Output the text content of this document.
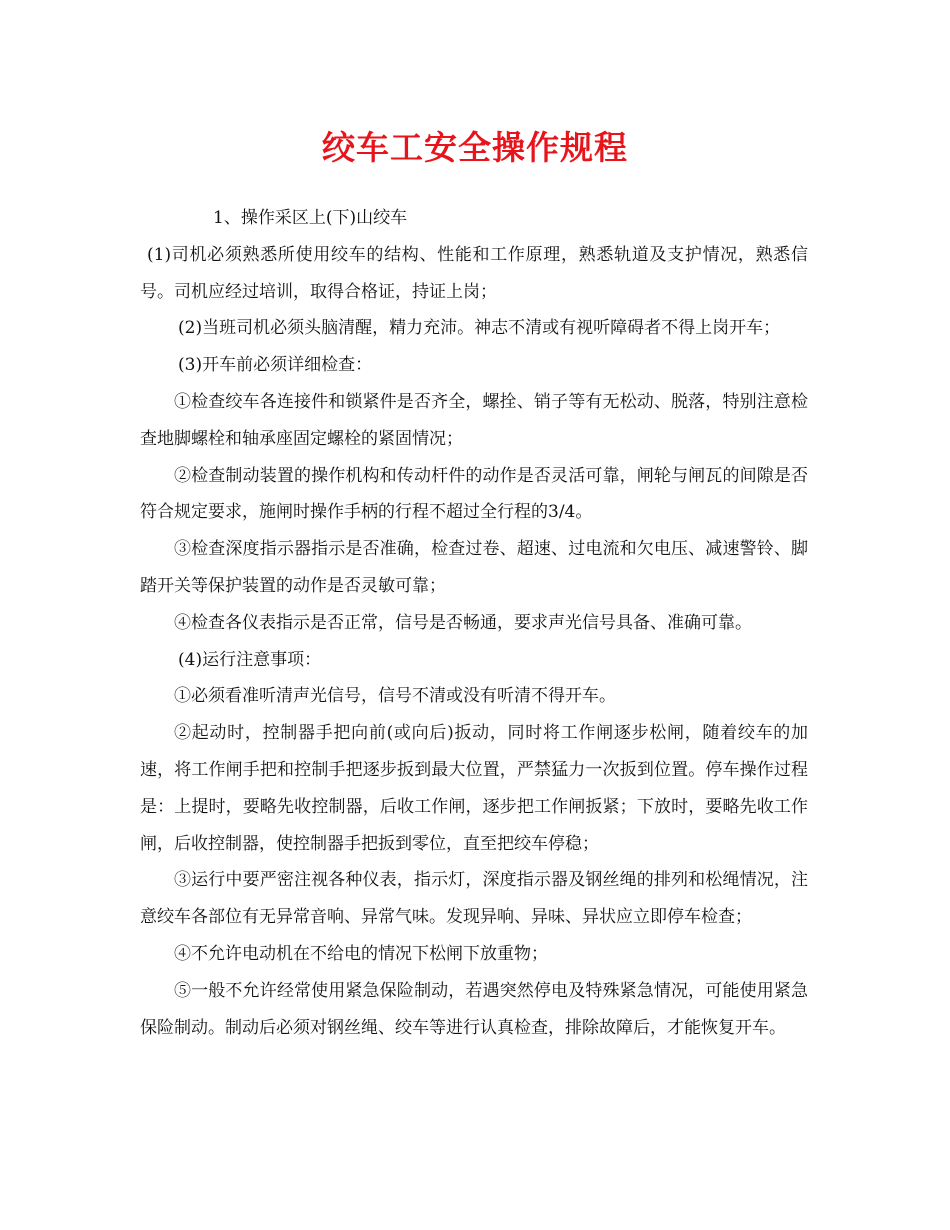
绞车工安全操作规程

1、操作采区上(下)山绞车

(1)司机必须熟悉所使用绞车的结构、性能和工作原理，熟悉轨道及支护情况，熟悉信号。司机应经过培训，取得合格证，持证上岗；

(2)当班司机必须头脑清醒，精力充沛。神志不清或有视听障碍者不得上岗开车；

(3)开车前必须详细检查：

①检查绞车各连接件和锁紧件是否齐全，螺拴、销子等有无松动、脱落，特别注意检查地脚螺栓和轴承座固定螺栓的紧固情况；

②检查制动装置的操作机构和传动杆件的动作是否灵活可靠，闸轮与闸瓦的间隙是否符合规定要求，施闸时操作手柄的行程不超过全行程的3/4。

③检查深度指示器指示是否准确，检查过卷、超速、过电流和欠电压、减速警铃、脚踏开关等保护装置的动作是否灵敏可靠；

④检查各仪表指示是否正常，信号是否畅通，要求声光信号具备、准确可靠。

(4)运行注意事项：

①必须看准听清声光信号，信号不清或没有听清不得开车。

②起动时，控制器手把向前(或向后)扳动，同时将工作闸逐步松闸，随着绞车的加速，将工作闸手把和控制手把逐步扳到最大位置，严禁猛力一次扳到位置。停车操作过程是：上提时，要略先收控制器，后收工作闸，逐步把工作闸扳紧；下放时，要略先收工作闸，后收控制器，使控制器手把扳到零位，直至把绞车停稳；

③运行中要严密注视各种仪表，指示灯，深度指示器及钢丝绳的排列和松绳情况，注意绞车各部位有无异常音响、异常气味。发现异响、异味、异状应立即停车检查；

④不允许电动机在不给电的情况下松闸下放重物；

⑤一般不允许经常使用紧急保险制动，若遇突然停电及特殊紧急情况，可能使用紧急保险制动。制动后必须对钢丝绳、绞车等进行认真检查，排除故障后，才能恢复开车。
